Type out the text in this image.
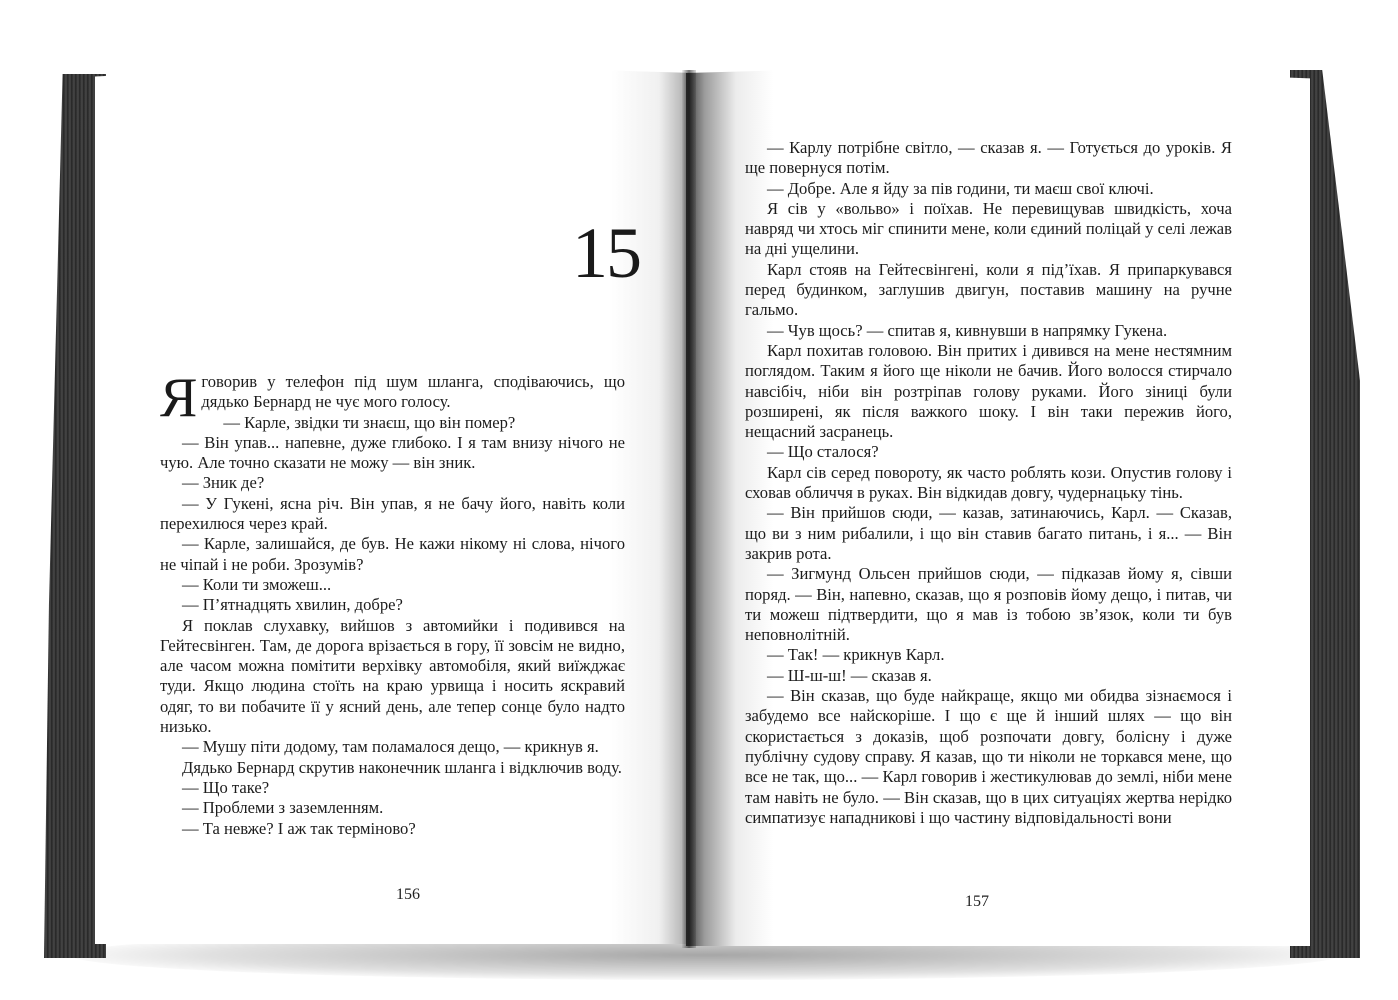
15

Я говорив у телефон під шум шланга, сподіваючись, що дядько Бернард не чує мого голосу.

— Карле, звідки ти знаєш, що він помер?

— Він упав... напевне, дуже глибоко. І я там внизу нічого не чую. Але точно сказати не можу — він зник.

— Зник де?

— У Гукені, ясна річ. Він упав, я не бачу його, навіть коли перехилюся через край.

— Карле, залишайся, де був. Не кажи нікому ні слова, нічого не чіпай і не роби. Зрозумів?

— Коли ти зможеш...

— П’ятнадцять хвилин, добре?

Я поклав слухавку, вийшов з автомийки і подивився на Гейтесвінген. Там, де дорога врізається в гору, її зовсім не видно, але часом можна помітити верхівку автомобіля, який виїжджає туди. Якщо людина стоїть на краю урвища і носить яскравий одяг, то ви побачите її у ясний день, але тепер сонце було надто низько.

— Мушу піти додому, там поламалося дещо, — крикнув я.

Дядько Бернард скрутив наконечник шланга і відключив воду.

— Що таке?

— Проблеми з заземленням.

— Та невже? І аж так терміново?

156

— Карлу потрібне світло, — сказав я. — Готується до уроків. Я ще повернуся потім.

— Добре. Але я йду за пів години, ти маєш свої ключі.

Я сів у «вольво» і поїхав. Не перевищував швидкість, хоча навряд чи хтось міг спинити мене, коли єдиний поліцай у селі лежав на дні ущелини.

Карл стояв на Гейтесвінгені, коли я під’їхав. Я припаркувався перед будинком, заглушив двигун, поставив машину на ручне гальмо.

— Чув щось? — спитав я, кивнувши в напрямку Гукена.

Карл похитав головою. Він притих і дивився на мене нестямним поглядом. Таким я його ще ніколи не бачив. Його волосся стирчало навсібіч, ніби він розтріпав голову руками. Його зіниці були розширені, як після важкого шоку. І він таки пережив його, нещасний засранець.

— Що сталося?

Карл сів серед повороту, як часто роблять кози. Опустив голову і сховав обличчя в руках. Він відкидав довгу, чудернацьку тінь.

— Він прийшов сюди, — казав, затинаючись, Карл. — Сказав, що ви з ним рибалили, і що він ставив багато питань, і я... — Він закрив рота.

— Зигмунд Ольсен прийшов сюди, — підказав йому я, сівши поряд. — Він, напевно, сказав, що я розповів йому дещо, і питав, чи ти можеш підтвердити, що я мав із тобою зв’язок, коли ти був неповнолітній.

— Так! — крикнув Карл.

— Ш-ш-ш! — сказав я.

— Він сказав, що буде найкраще, якщо ми обидва зізнаємося і забудемо все найскоріше. І що є ще й інший шлях — що він скористається з доказів, щоб розпочати довгу, болісну і дуже публічну судову справу. Я казав, що ти ніколи не торкався мене, що все не так, що... — Карл говорив і жестикулював до землі, ніби мене там навіть не було. — Він сказав, що в цих ситуаціях жертва нерідко симпатизує нападникові і що частину відповідальності вони

157
